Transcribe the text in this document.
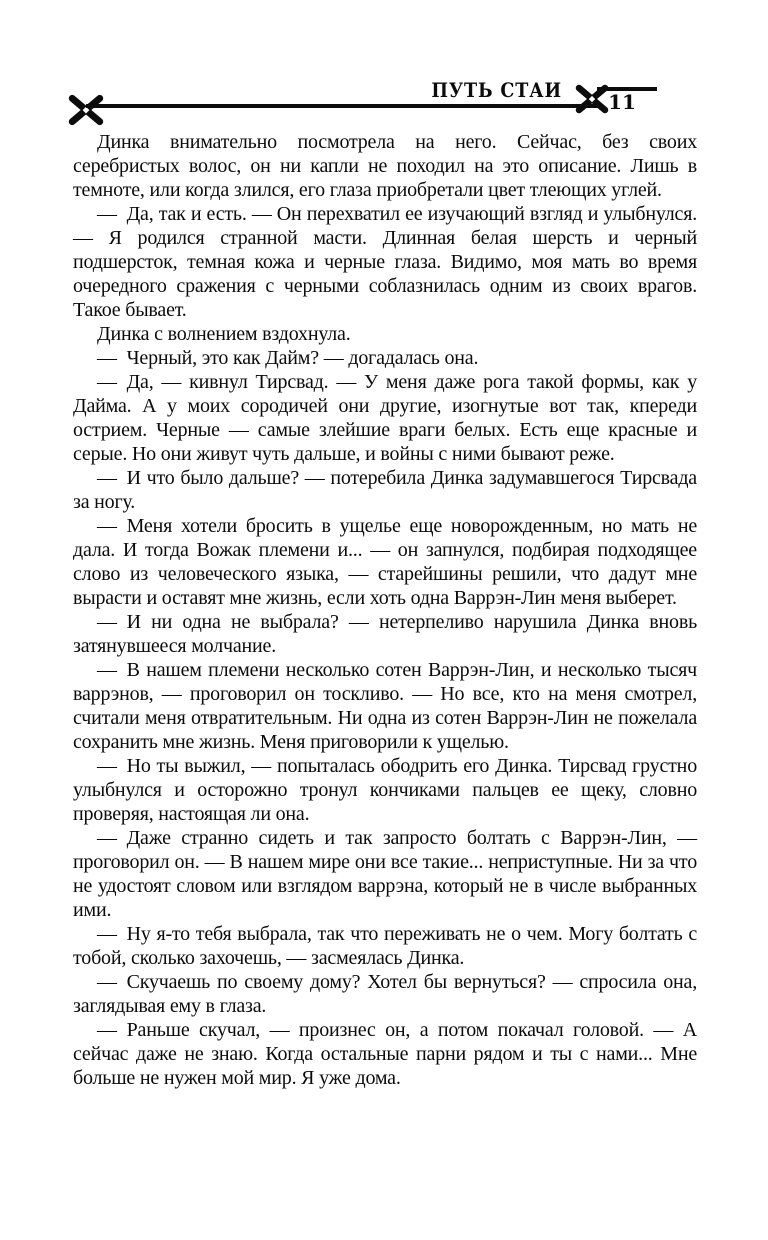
ПУТЬ СТАИ	11

Динка внимательно посмотрела на него. Сейчас, без своих серебристых волос, он ни капли не походил на это описание. Лишь в темноте, или когда злился, его глаза приобретали цвет тлеющих углей.

— Да, так и есть. — Он перехватил ее изучающий взгляд и улыбнулся. — Я родился странной масти. Длинная белая шерсть и черный подшерсток, темная кожа и черные глаза. Видимо, моя мать во время очередного сражения с черными соблазнилась одним из своих врагов. Такое бывает.

Динка с волнением вздохнула.

— Черный, это как Дайм? — догадалась она.

— Да, — кивнул Тирсвад. — У меня даже рога такой формы, как у Дайма. А у моих сородичей они другие, изогнутые вот так, кпереди острием. Черные — самые злейшие враги белых. Есть еще красные и серые. Но они живут чуть дальше, и войны с ними бывают реже.

— И что было дальше? — потеребила Динка задумавшегося Тирсвада за ногу.

— Меня хотели бросить в ущелье еще новорожденным, но мать не дала. И тогда Вожак племени и... — он запнулся, подбирая подходящее слово из человеческого языка, — старейшины решили, что дадут мне вырасти и оставят мне жизнь, если хоть одна Варрэн-Лин меня выберет.

— И ни одна не выбрала? — нетерпеливо нарушила Динка вновь затянувшееся молчание.

— В нашем племени несколько сотен Варрэн-Лин, и несколько тысяч варрэнов, — проговорил он тоскливо. — Но все, кто на меня смотрел, считали меня отвратительным. Ни одна из сотен Варрэн-Лин не пожелала сохранить мне жизнь. Меня приговорили к ущелью.

— Но ты выжил, — попыталась ободрить его Динка. Тирсвад грустно улыбнулся и осторожно тронул кончиками пальцев ее щеку, словно проверяя, настоящая ли она.

— Даже странно сидеть и так запросто болтать с Варрэн-Лин, — проговорил он. — В нашем мире они все такие... неприступные. Ни за что не удостоят словом или взглядом варрэна, который не в числе выбранных ими.

— Ну я-то тебя выбрала, так что переживать не о чем. Могу болтать с тобой, сколько захочешь, — засмеялась Динка.

— Скучаешь по своему дому? Хотел бы вернуться? — спросила она, заглядывая ему в глаза.

— Раньше скучал, — произнес он, а потом покачал головой. — А сейчас даже не знаю. Когда остальные парни рядом и ты с нами... Мне больше не нужен мой мир. Я уже дома.
